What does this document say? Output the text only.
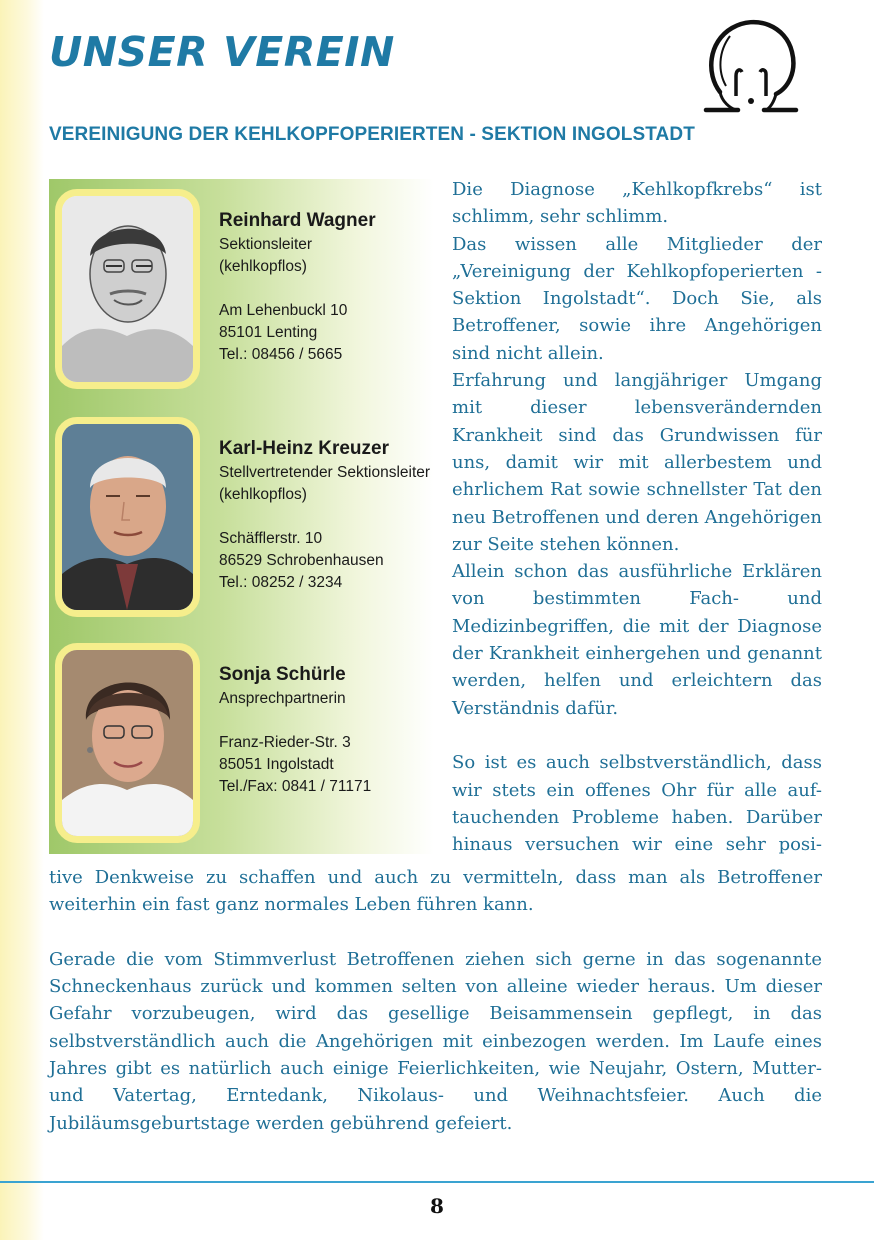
UNSER VEREIN
VEREINIGUNG DER KEHLKOPFOPERIERTEN - SEKTION INGOLSTADT
Reinhard Wagner
Sektionsleiter
(kehlkopflos)
Am Lehenbuckl 10
85101 Lenting
Tel.: 08456 / 5665
Karl-Heinz Kreuzer
Stellvertretender Sektionsleiter
(kehlkopflos)
Schäfflerstr. 10
86529 Schrobenhausen
Tel.: 08252 / 3234
Sonja Schürle
Ansprechpartnerin
Franz-Rieder-Str. 3
85051 Ingolstadt
Tel./Fax: 0841 / 71171
Die Diagnose „Kehlkopfkrebs“ ist schlimm, sehr schlimm.
Das wissen alle Mitglieder der „Vereinigung der Kehlkopfoperierten - Sektion Ingolstadt“. Doch Sie, als Betroffener, sowie ihre Angehörigen sind nicht allein.
Erfahrung und langjähriger Umgang mit dieser lebensverändernden Krankheit sind das Grundwissen für uns, damit wir mit allerbestem und ehrlichem Rat sowie schnellster Tat den neu Betroffenen und deren Angehörigen zur Seite stehen können.
Allein schon das ausführliche Erklären von bestimmten Fach- und Medizinbegriffen, die mit der Diagnose der Krankheit einhergehen und genannt werden, helfen und erleichtern das Verständnis dafür.
So ist es auch selbstverständlich, dass
wir stets ein offenes Ohr für alle auf-
tauchenden Probleme haben. Darüber
hinaus versuchen wir eine sehr posi-
tive Denkweise zu schaffen und auch zu vermitteln, dass man als Betroffener weiterhin ein fast ganz normales Leben führen kann.
Gerade die vom Stimmverlust Betroffenen ziehen sich gerne in das sogenannte Schneckenhaus zurück und kommen selten von alleine wieder heraus. Um dieser Gefahr vorzubeugen, wird das gesellige Beisammensein gepflegt, in das selbstverständlich auch die Angehörigen mit einbezogen werden. Im Laufe eines Jahres gibt es natürlich auch einige Feierlichkeiten, wie Neujahr, Ostern, Mutter- und Vatertag, Erntedank, Nikolaus- und Weihnachtsfeier. Auch die Jubiläumsgeburtstage werden gebührend gefeiert.
8
